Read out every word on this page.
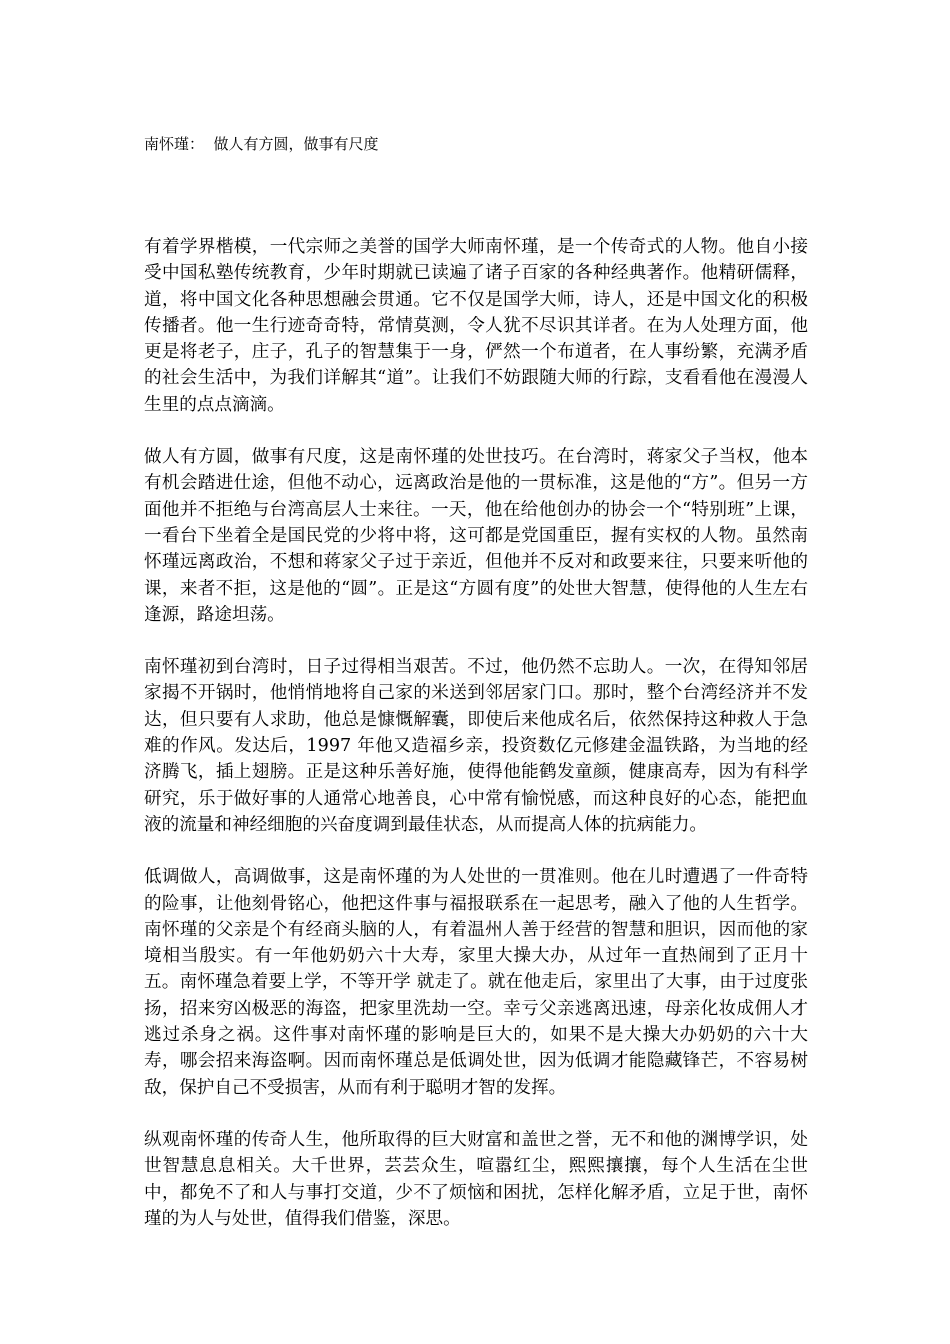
南怀瑾：  做人有方圆，做事有尺度

有着学界楷模，一代宗师之美誉的国学大师南怀瑾，是一个传奇式的人物。他自小接受中国私塾传统教育，少年时期就已读遍了诸子百家的各种经典著作。他精研儒释，道，将中国文化各种思想融会贯通。它不仅是国学大师，诗人，还是中国文化的积极传播者。他一生行迹奇奇特，常情莫测，令人犹不尽识其详者。在为人处理方面，他更是将老子，庄子，孔子的智慧集于一身，俨然一个布道者，在人事纷繁，充满矛盾的社会生活中，为我们详解其“道”。让我们不妨跟随大师的行踪，支看看他在漫漫人生里的点点滴滴。

做人有方圆，做事有尺度，这是南怀瑾的处世技巧。在台湾时，蒋家父子当权，他本有机会踏进仕途，但他不动心，远离政治是他的一贯标准，这是他的“方”。但另一方面他并不拒绝与台湾高层人士来往。一天，他在给他创办的协会一个“特别班”上课，一看台下坐着全是国民党的少将中将，这可都是党国重臣，握有实权的人物。虽然南怀瑾远离政治，不想和蒋家父子过于亲近，但他并不反对和政要来往，只要来听他的课，来者不拒，这是他的“圆”。正是这“方圆有度”的处世大智慧，使得他的人生左右逢源，路途坦荡。

南怀瑾初到台湾时，日子过得相当艰苦。不过，他仍然不忘助人。一次，在得知邻居家揭不开锅时，他悄悄地将自己家的米送到邻居家门口。那时，整个台湾经济并不发达，但只要有人求助，他总是慷慨解囊，即使后来他成名后，依然保持这种救人于急难的作风。发达后，1997 年他又造福乡亲，投资数亿元修建金温铁路，为当地的经济腾飞，插上翅膀。正是这种乐善好施，使得他能鹤发童颜，健康高寿，因为有科学研究，乐于做好事的人通常心地善良，心中常有愉悦感，而这种良好的心态，能把血液的流量和神经细胞的兴奋度调到最佳状态，从而提高人体的抗病能力。

低调做人，高调做事，这是南怀瑾的为人处世的一贯准则。他在儿时遭遇了一件奇特的险事，让他刻骨铭心，他把这件事与福报联系在一起思考，融入了他的人生哲学。南怀瑾的父亲是个有经商头脑的人，有着温州人善于经营的智慧和胆识，因而他的家境相当殷实。有一年他奶奶六十大寿，家里大操大办，从过年一直热闹到了正月十五。南怀瑾急着要上学，不等开学 就走了。就在他走后，家里出了大事，由于过度张扬，招来穷凶极恶的海盗，把家里洗劫一空。幸亏父亲逃离迅速，母亲化妆成佣人才逃过杀身之祸。这件事对南怀瑾的影响是巨大的，如果不是大操大办奶奶的六十大寿，哪会招来海盗啊。因而南怀瑾总是低调处世，因为低调才能隐藏锋芒，不容易树敌，保护自己不受损害，从而有利于聪明才智的发挥。

纵观南怀瑾的传奇人生，他所取得的巨大财富和盖世之誉，无不和他的渊博学识，处世智慧息息相关。大千世界，芸芸众生，喧嚣红尘，熙熙攘攘，每个人生活在尘世中，都免不了和人与事打交道，少不了烦恼和困扰，怎样化解矛盾，立足于世，南怀瑾的为人与处世，值得我们借鉴，深思。
